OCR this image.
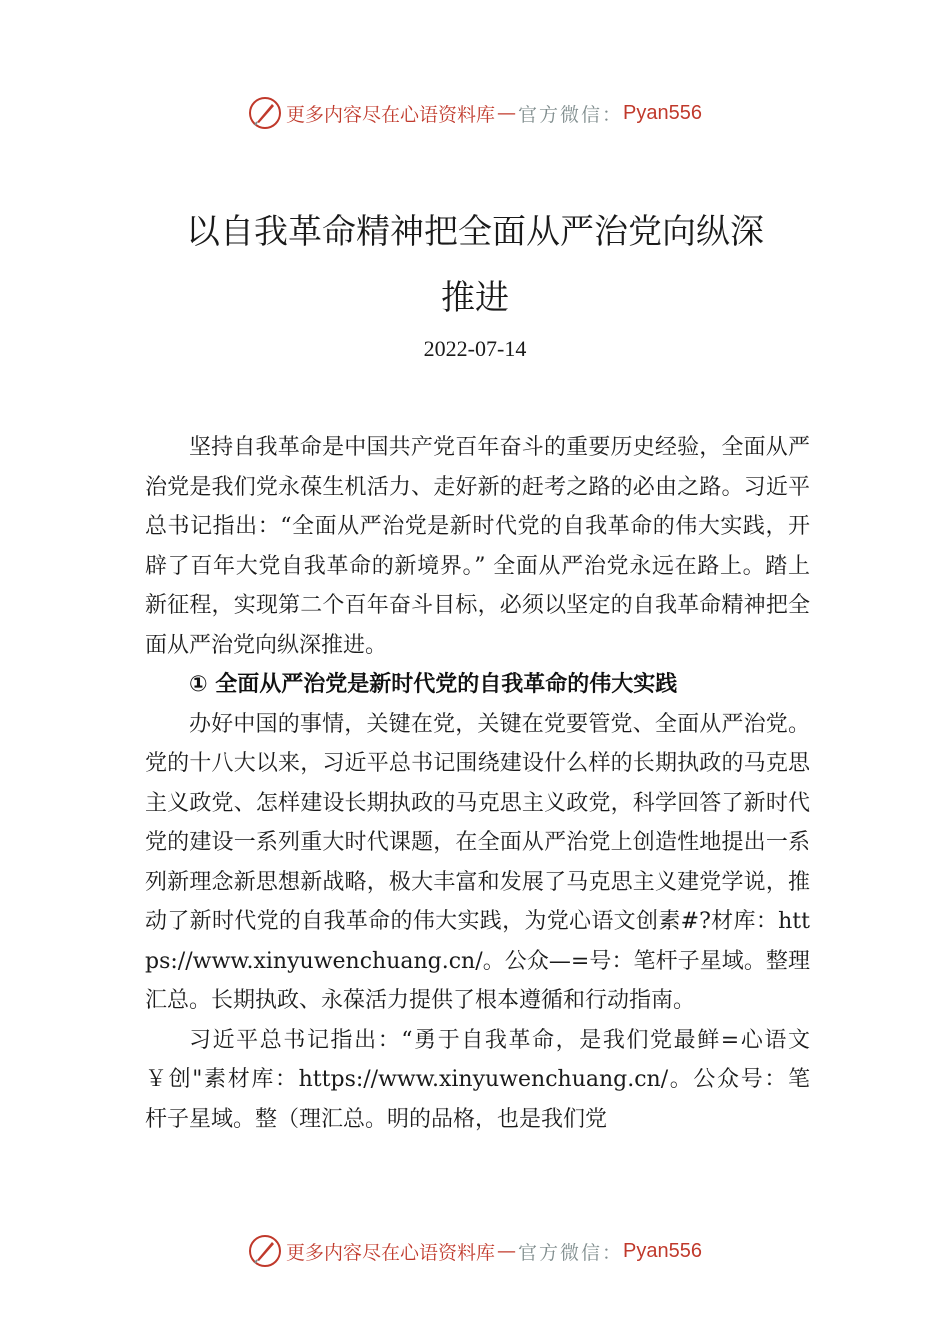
更多内容尽在心语资料库 — 官方微信： Pyan556
以自我革命精神把全面从严治党向纵深
推进
2022-07-14

坚持自我革命是中国共产党百年奋斗的重要历史经验，全面从严治党是我们党永葆生机活力、走好新的赶考之路的必由之路。习近平总书记指出：“全面从严治党是新时代党的自我革命的伟大实践，开辟了百年大党自我革命的新境界。” 全面从严治党永远在路上。踏上新征程，实现第二个百年奋斗目标，必须以坚定的自我革命精神把全面从严治党向纵深推进。

① 全面从严治党是新时代党的自我革命的伟大实践

办好中国的事情，关键在党，关键在党要管党、全面从严治党。党的十八大以来，习近平总书记围绕建设什么样的长期执政的马克思主义政党、怎样建设长期执政的马克思主义政党，科学回答了新时代党的建设一系列重大时代课题，在全面从严治党上创造性地提出一系列新理念新思想新战略，极大丰富和发展了马克思主义建党学说，推动了新时代党的自我革命的伟大实践，为党心语文创素#?材库：https://www.xinyuwenchuang.cn/。公众—=号：笔杆子星域。整理汇总。长期执政、永葆活力提供了根本遵循和行动指南。

习近平总书记指出：“勇于自我革命，是我们党最鲜=心语文￥创"素材库：https://www.xinyuwenchuang.cn/。公众号：笔杆子星域。整（理汇总。明的品格，也是我们党

更多内容尽在心语资料库 — 官方微信： Pyan556
